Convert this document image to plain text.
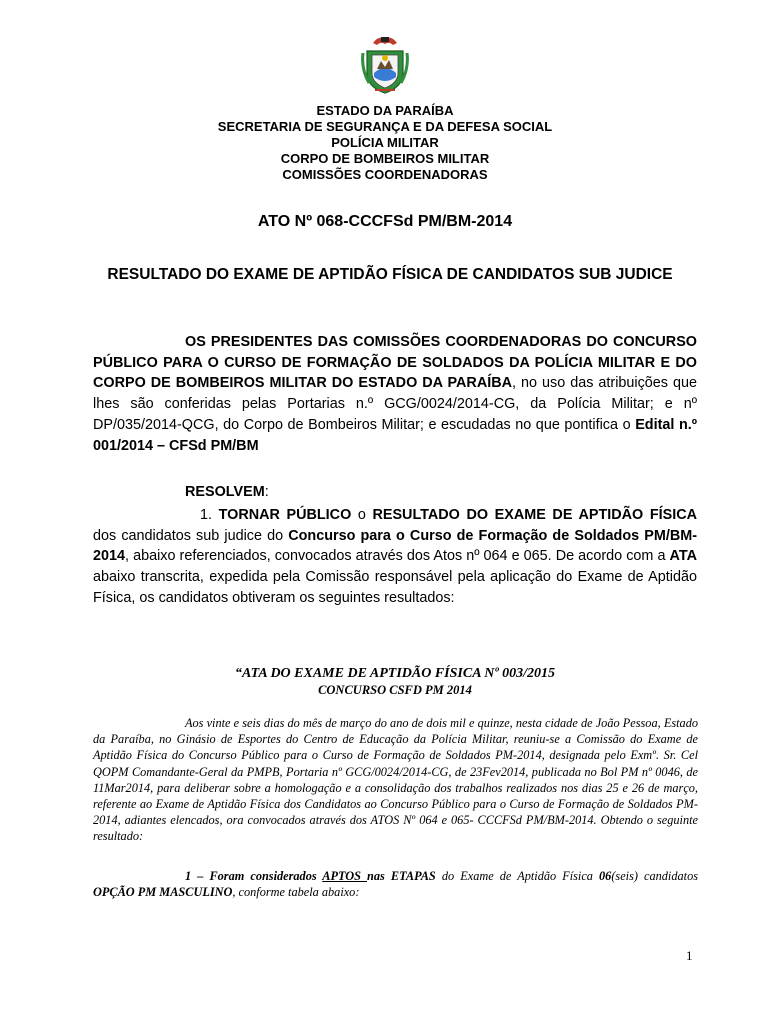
ESTADO DA PARAÍBA
SECRETARIA DE SEGURANÇA E DA DEFESA SOCIAL
POLÍCIA MILITAR
CORPO DE BOMBEIROS MILITAR
COMISSÕES COORDENADORAS
ATO Nº 068-CCCFSd PM/BM-2014
RESULTADO DO EXAME DE APTIDÃO FÍSICA DE CANDIDATOS SUB JUDICE
OS PRESIDENTES DAS COMISSÕES COORDENADORAS DO CONCURSO PÚBLICO PARA O CURSO DE FORMAÇÃO DE SOLDADOS DA POLÍCIA MILITAR E DO CORPO DE BOMBEIROS MILITAR DO ESTADO DA PARAÍBA, no uso das atribuições que lhes são conferidas pelas Portarias n.º GCG/0024/2014-CG, da Polícia Militar; e nº DP/035/2014-QCG, do Corpo de Bombeiros Militar; e escudadas no que pontifica o Edital n.º 001/2014 – CFSd PM/BM
RESOLVEM:
1. TORNAR PÚBLICO o RESULTADO DO EXAME DE APTIDÃO FÍSICA dos candidatos sub judice do Concurso para o Curso de Formação de Soldados PM/BM-2014, abaixo referenciados, convocados através dos Atos nº 064 e 065. De acordo com a ATA abaixo transcrita, expedida pela Comissão responsável pela aplicação do Exame de Aptidão Física, os candidatos obtiveram os seguintes resultados:
“ATA DO EXAME DE APTIDÃO FÍSICA Nº 003/2015
CONCURSO CSFD PM 2014
Aos vinte e seis dias do mês de março do ano de dois mil e quinze, nesta cidade de João Pessoa, Estado da Paraíba, no Ginásio de Esportes do Centro de Educação da Polícia Militar, reuniu-se a Comissão do Exame de Aptidão Física do Concurso Público para o Curso de Formação de Soldados PM-2014, designada pelo Exmº. Sr. Cel QOPM Comandante-Geral da PMPB, Portaria nº GCG/0024/2014-CG, de 23Fev2014, publicada no Bol PM nº 0046, de 11Mar2014, para deliberar sobre a homologação e a consolidação dos trabalhos realizados nos dias 25 e 26 de março, referente ao Exame de Aptidão Física dos Candidatos ao Concurso Público para o Curso de Formação de Soldados PM-2014, adiantes elencados, ora convocados através dos ATOS Nº 064 e 065- CCCFSd PM/BM-2014. Obtendo o seguinte resultado:
1 – Foram considerados APTOS nas ETAPAS do Exame de Aptidão Física 06(seis) candidatos OPÇÃO PM MASCULINO, conforme tabela abaixo:
1
